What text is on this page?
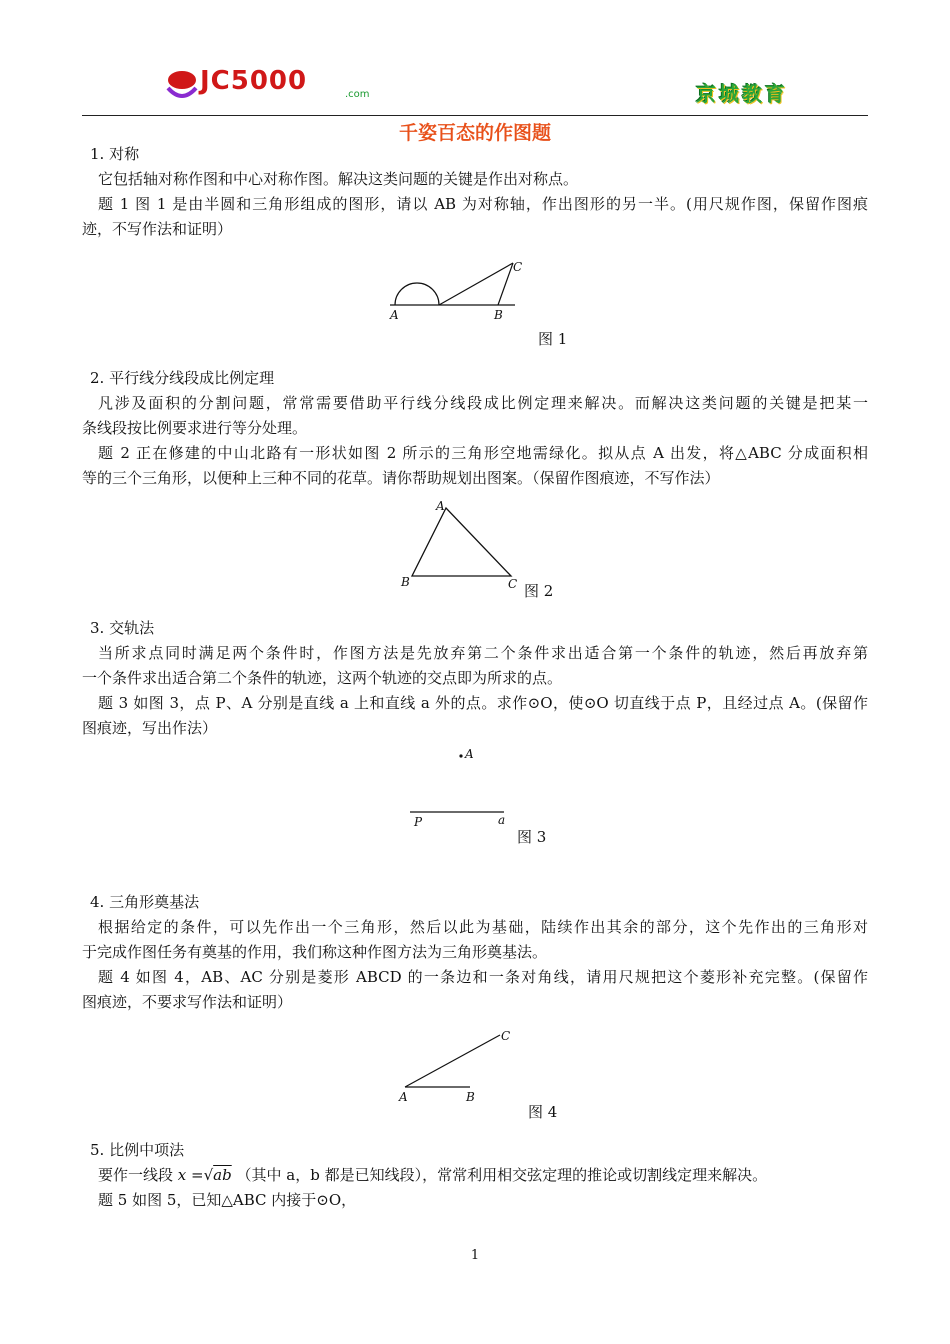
JC5000	.com	京城教育
千姿百态的作图题
1. 对称
它包括轴对称作图和中心对称作图。解决这类问题的关键是作出对称点。
题 1 图 1 是由半圆和三角形组成的图形，请以 AB 为对称轴，作出图形的另一半。(用尺规作图，保留作图痕
迹，不写作法和证明）
A	B
C
图 1
2. 平行线分线段成比例定理
凡涉及面积的分割问题，常常需要借助平行线分线段成比例定理来解决。而解决这类问题的关键是把某一
条线段按比例要求进行等分处理。
题 2 正在修建的中山北路有一形状如图 2 所示的三角形空地需绿化。拟从点 A 出发，将△ABC 分成面积相
等的三个三角形，以便种上三种不同的花草。请你帮助规划出图案。（保留作图痕迹，不写作法）
A
B	C 图 2
3. 交轨法
当所求点同时满足两个条件时，作图方法是先放弃第二个条件求出适合第一个条件的轨迹，然后再放弃第
一个条件求出适合第二个条件的轨迹，这两个轨迹的交点即为所求的点。
题 3 如图 3，点 P、A 分别是直线 a 上和直线 a 外的点。求作⊙O，使⊙O 切直线于点 P，且经过点 A。(保留作
图痕迹，写出作法）
A
P	a
图 3
4. 三角形奠基法
根据给定的条件，可以先作出一个三角形，然后以此为基础，陆续作出其余的部分，这个先作出的三角形对
于完成作图任务有奠基的作用，我们称这种作图方法为三角形奠基法。
题 4 如图 4，AB、AC 分别是菱形 ABCD 的一条边和一条对角线，请用尺规把这个菱形补充完整。(保留作
图痕迹，不要求写作法和证明）
A	B
C
图 4
5. 比例中项法
要作一线段 x =√ab （其中 a，b 都是已知线段），常常利用相交弦定理的推论或切割线定理来解决。
题 5 如图 5，已知△ABC 内接于⊙O，
1
